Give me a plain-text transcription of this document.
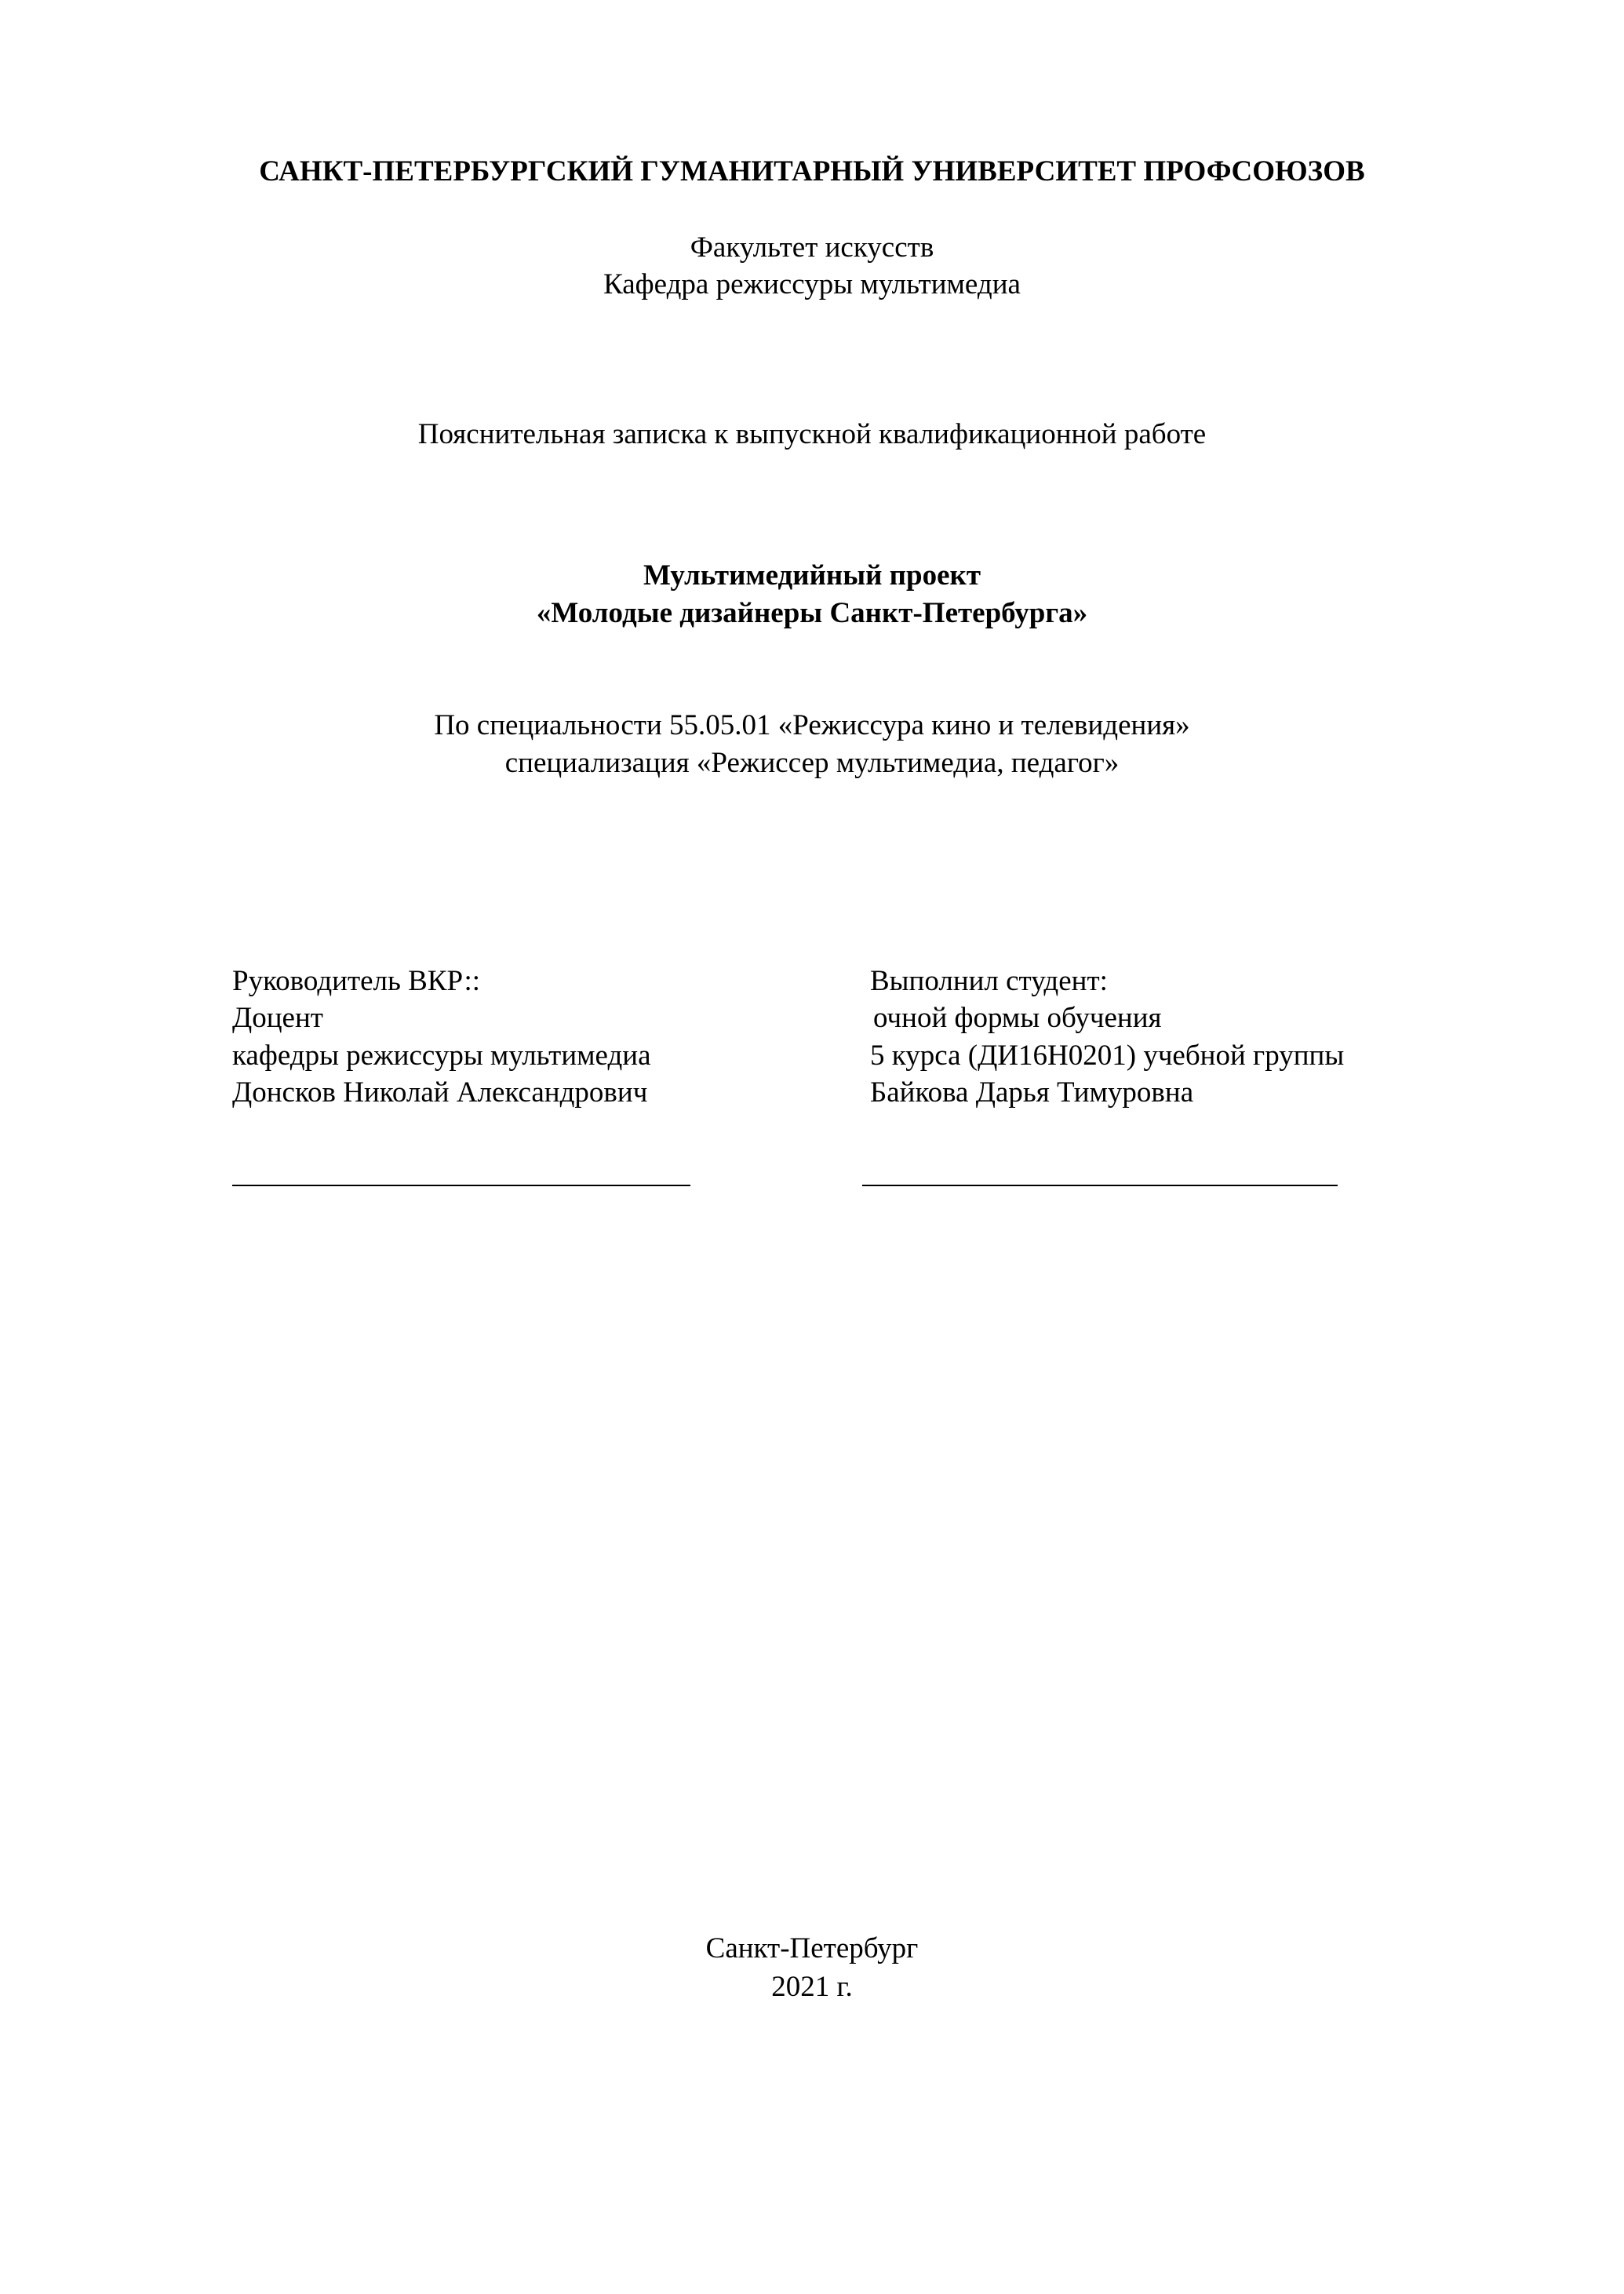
САНКТ-ПЕТЕРБУРГСКИЙ ГУМАНИТАРНЫЙ УНИВЕРСИТЕТ ПРОФСОЮЗОВ
Факультет искусств
Кафедра режиссуры мультимедиа
Пояснительная записка к выпускной квалификационной работе
Мультимедийный проект
«Молодые дизайнеры Санкт-Петербурга»
По специальности 55.05.01 «Режиссура кино и телевидения»
специализация «Режиссер мультимедиа, педагог»
Руководитель ВКР::
Доцент
кафедры режиссуры мультимедиа
Донсков Николай Александрович
Выполнил студент:
очной формы обучения
5 курса (ДИ16Н0201) учебной группы
Байкова Дарья Тимуровна
Санкт-Петербург
2021 г.
